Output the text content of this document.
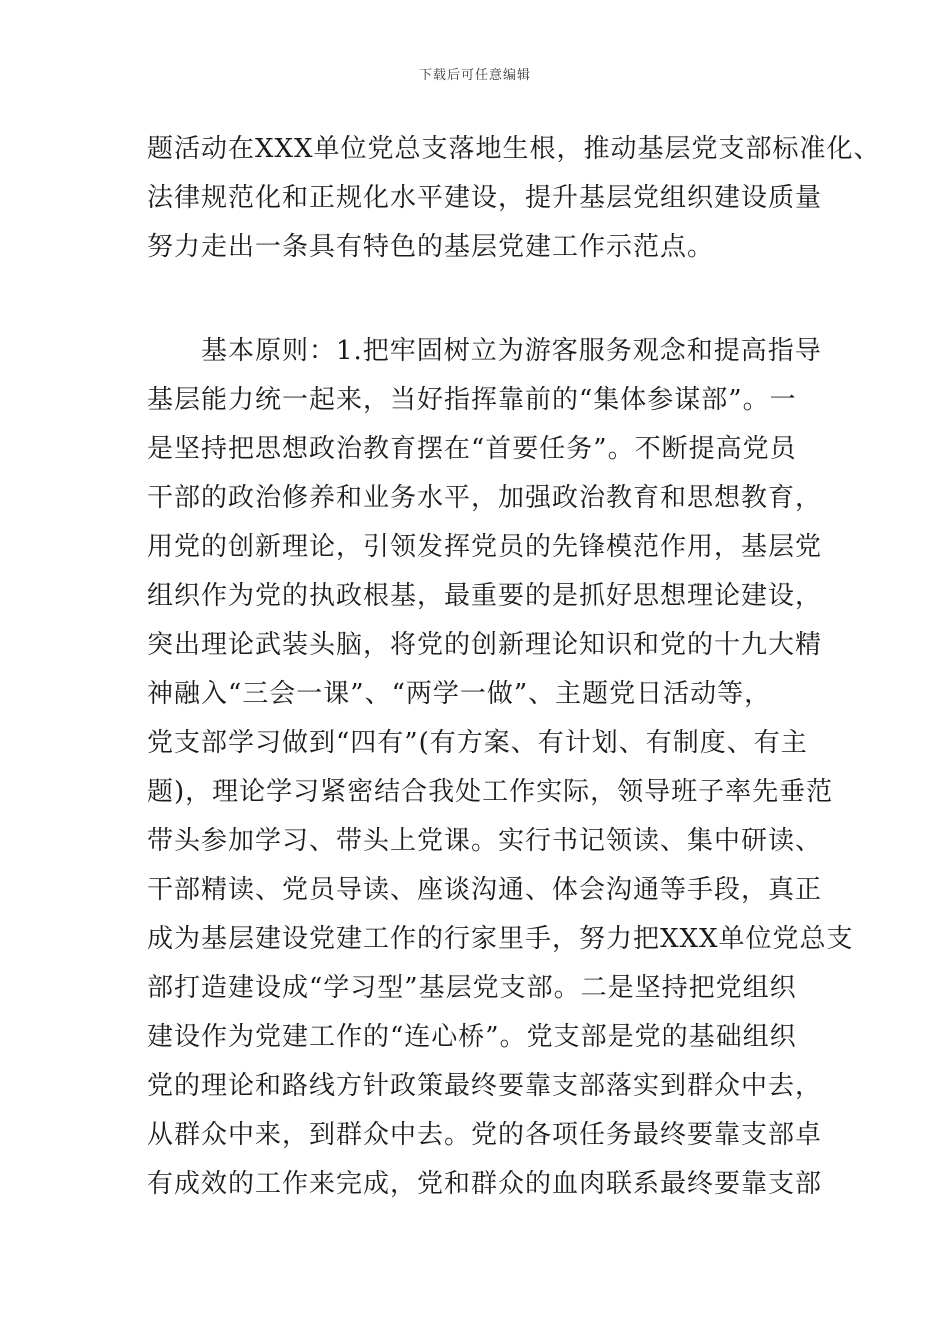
下载后可任意编辑
题活动在XXX单位党总支落地生根，推动基层党支部标准化、
法律规范化和正规化水平建设，提升基层党组织建设质量
努力走出一条具有特色的基层党建工作示范点。
　　基本原则：1.把牢固树立为游客服务观念和提高指导
基层能力统一起来，当好指挥靠前的“集体参谋部”。一
是坚持把思想政治教育摆在“首要任务”。不断提高党员
干部的政治修养和业务水平，加强政治教育和思想教育，
用党的创新理论，引领发挥党员的先锋模范作用，基层党
组织作为党的执政根基，最重要的是抓好思想理论建设，
突出理论武装头脑，将党的创新理论知识和党的十九大精
神融入“三会一课”、“两学一做”、主题党日活动等，
党支部学习做到“四有”(有方案、有计划、有制度、有主
题)，理论学习紧密结合我处工作实际，领导班子率先垂范
带头参加学习、带头上党课。实行书记领读、集中研读、
干部精读、党员导读、座谈沟通、体会沟通等手段，真正
成为基层建设党建工作的行家里手，努力把XXX单位党总支
部打造建设成“学习型”基层党支部。二是坚持把党组织
建设作为党建工作的“连心桥”。党支部是党的基础组织
党的理论和路线方针政策最终要靠支部落实到群众中去，
从群众中来，到群众中去。党的各项任务最终要靠支部卓
有成效的工作来完成，党和群众的血肉联系最终要靠支部
